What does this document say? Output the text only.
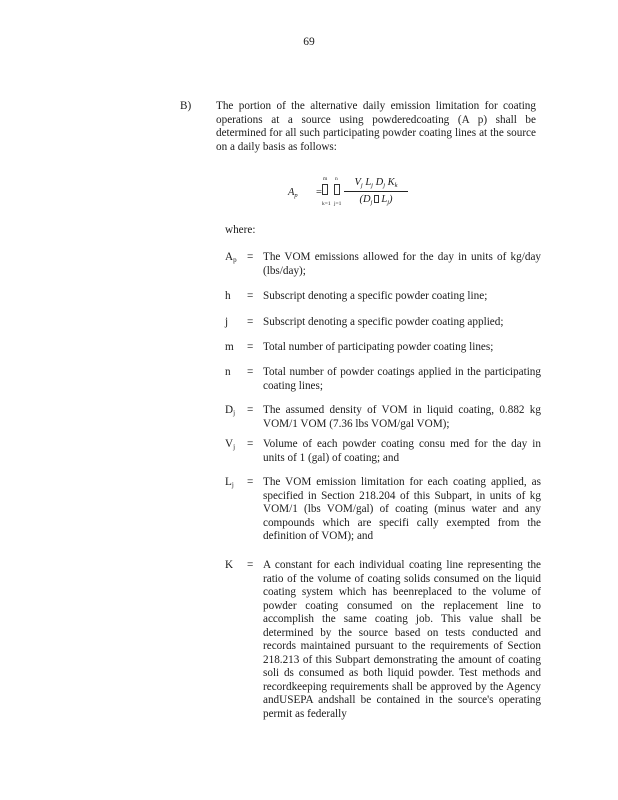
69
B) The portion of the alternative daily emission limitation for coating operations at a source using powderedcoating (A p) shall be determined for all such participating powder coating lines at the source on a daily basis as follows:
$A_p$ =
m
k=1
n
j=1
$V_j$ $L_j$ $D_j$ $K_k$
($D_j$ $L_j$)
where:
$A_p$ = The VOM emissions allowed for the day in units of kg/day (lbs/day);
h	= Subscript denoting a specific powder coating line;
j	= Subscript denoting a specific powder coating applied;
m	= Total number of participating powder coating lines;
n	= Total number of powder coatings applied in the participating coating lines;
$D_j$	= The assumed density of VOM in liquid coating, 0.882 kg VOM/1 VOM (7.36 lbs VOM/gal VOM);
$V_j$	= Volume of each powder coating consu med for the day in units of 1 (gal) of coating; and
$L_j$	= The VOM emission limitation for each coating applied, as specified in Section 218.204 of this Subpart, in units of kg VOM/1 (lbs VOM/gal) of coating (minus water and any compounds which are specifi cally exempted from the definition of VOM); and
K	= A constant for each individual coating line representing the ratio of the volume of coating solids consumed on the liquid coating system which has beenreplaced to the volume of powder coating consumed on the replacement line to accomplish the same coating job. This value shall be determined by the source based on tests conducted and records maintained pursuant to the requirements of Section 218.213 of this Subpart demonstrating the amount of coating soli ds consumed as both liquid powder. Test methods and recordkeeping requirements shall be approved by the Agency andUSEPA andshall be contained in the source's operating permit as federally
